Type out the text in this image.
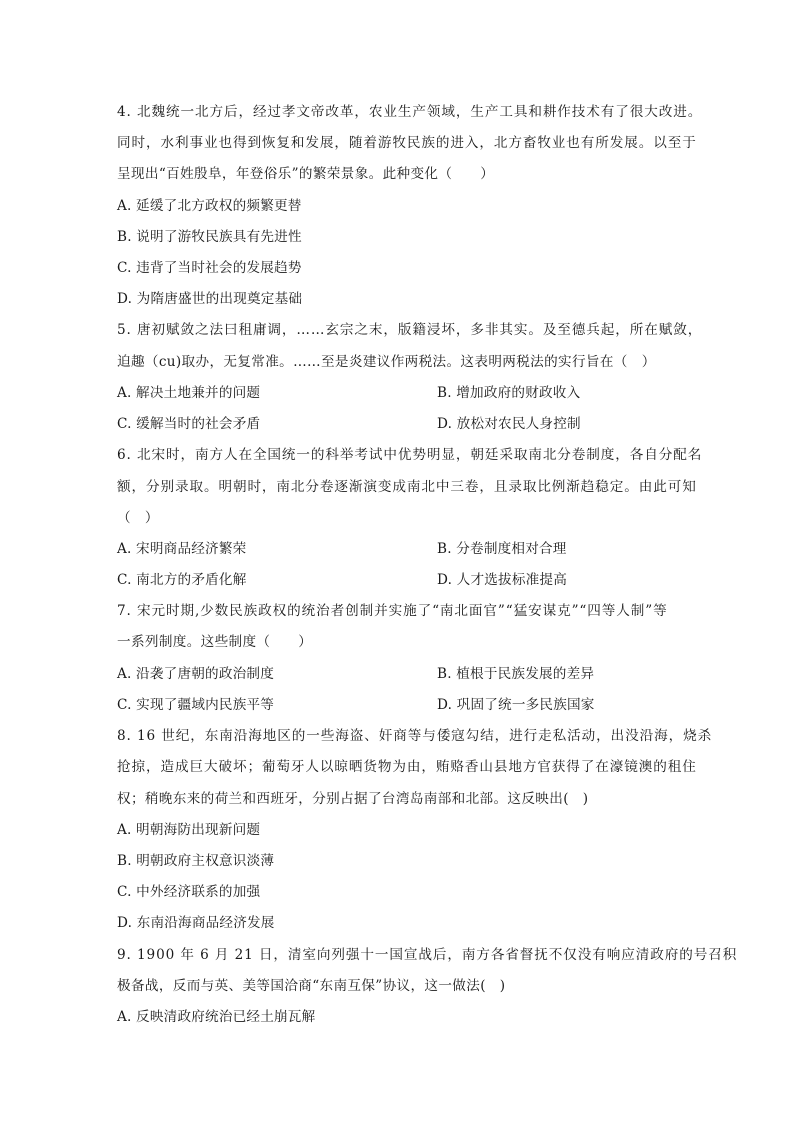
4. 北魏统一北方后，经过孝文帝改革，农业生产领域，生产工具和耕作技术有了很大改进。
同时，水利事业也得到恢复和发展，随着游牧民族的进入，北方畜牧业也有所发展。以至于
呈现出“百姓殷阜，年登俗乐”的繁荣景象。此种变化（　　）
A. 延缓了北方政权的频繁更替
B. 说明了游牧民族具有先进性
C. 违背了当时社会的发展趋势
D. 为隋唐盛世的出现奠定基础
5. 唐初赋敛之法曰租庸调，……玄宗之末，版籍浸坏，多非其实。及至德兵起，所在赋敛，
迫趣（cu)取办，无复常准。……至是炎建议作两税法。这表明两税法的实行旨在（　）
A. 解决土地兼并的问题	B. 增加政府的财政收入
C. 缓解当时的社会矛盾	D. 放松对农民人身控制
6. 北宋时，南方人在全国统一的科举考试中优势明显，朝廷采取南北分卷制度，各自分配名
额，分别录取。明朝时，南北分卷逐渐演变成南北中三卷，且录取比例渐趋稳定。由此可知
（　）
A. 宋明商品经济繁荣	B. 分卷制度相对合理
C. 南北方的矛盾化解	D. 人才选拔标准提高
7. 宋元时期,少数民族政权的统治者创制并实施了“南北面官”“猛安谋克”“四等人制”等
一系列制度。这些制度（　　）
A. 沿袭了唐朝的政治制度	B. 植根于民族发展的差异
C. 实现了疆域内民族平等	D. 巩固了统一多民族国家
8. 16 世纪，东南沿海地区的一些海盗、奸商等与倭寇勾结，进行走私活动，出没沿海，烧杀
抢掠，造成巨大破坏；葡萄牙人以晾晒货物为由，贿赂香山县地方官获得了在濠镜澳的租住
权；稍晚东来的荷兰和西班牙，分别占据了台湾岛南部和北部。这反映出(　)
A. 明朝海防出现新问题
B. 明朝政府主权意识淡薄
C. 中外经济联系的加强
D. 东南沿海商品经济发展
9. 1900 年 6 月 21 日，清室向列强十一国宣战后，南方各省督抚不仅没有响应清政府的号召积
极备战，反而与英、美等国洽商“东南互保”协议，这一做法(　)
A. 反映清政府统治已经土崩瓦解
